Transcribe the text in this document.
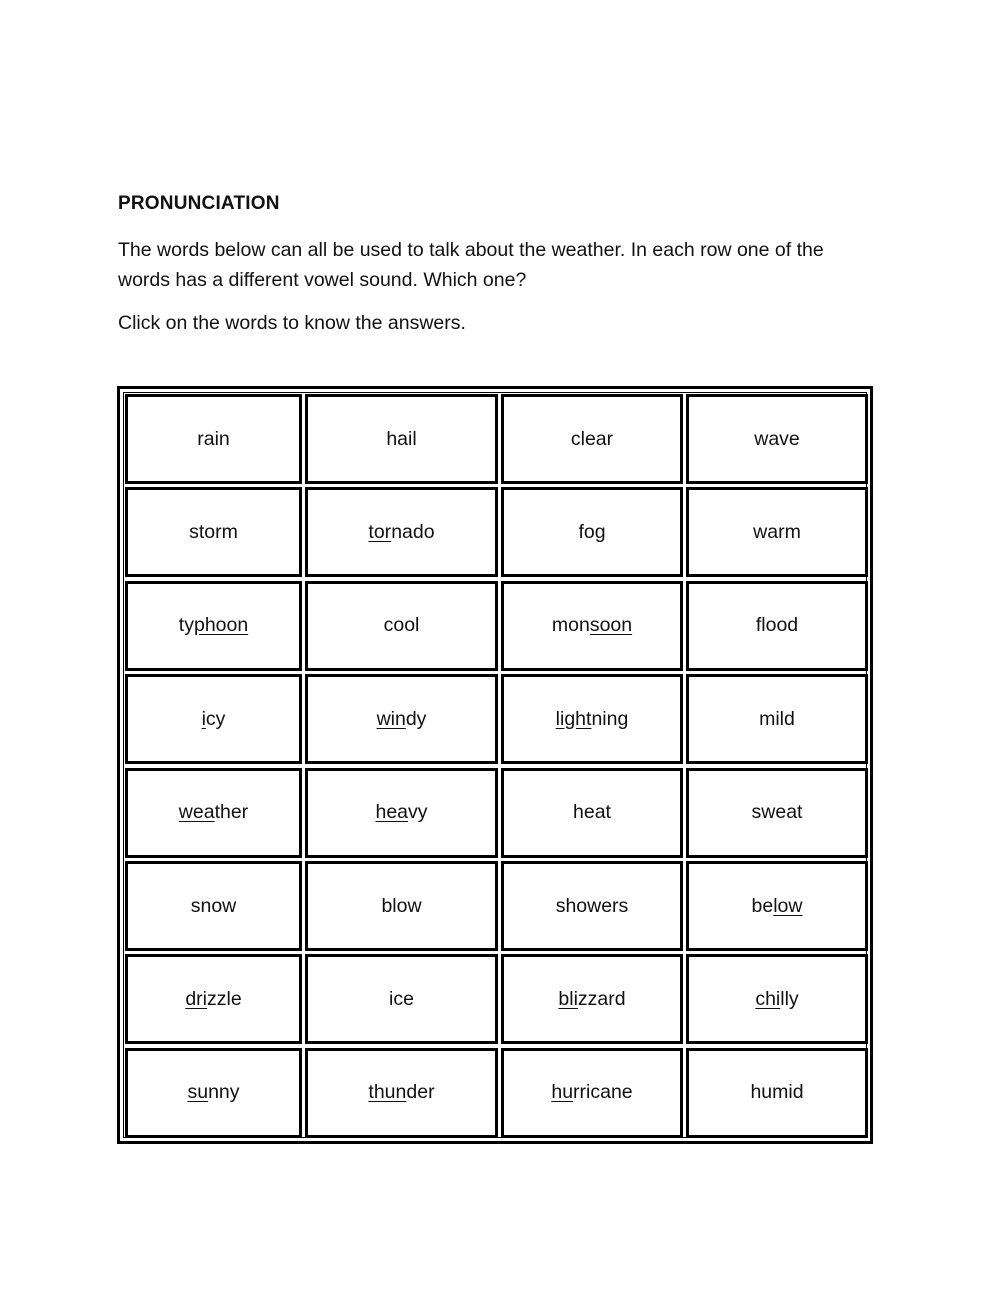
PRONUNCIATION

The words below can all be used to talk about the weather. In each row one of the words has a different vowel sound. Which one?

Click on the words to know the answers.

rain	hail	clear	wave
storm	tornado	fog	warm
typhoon	cool	monsoon	flood
icy	windy	lightning	mild
weather	heavy	heat	sweat
snow	blow	showers	below
drizzle	ice	blizzard	chilly
sunny	thunder	hurricane	humid
